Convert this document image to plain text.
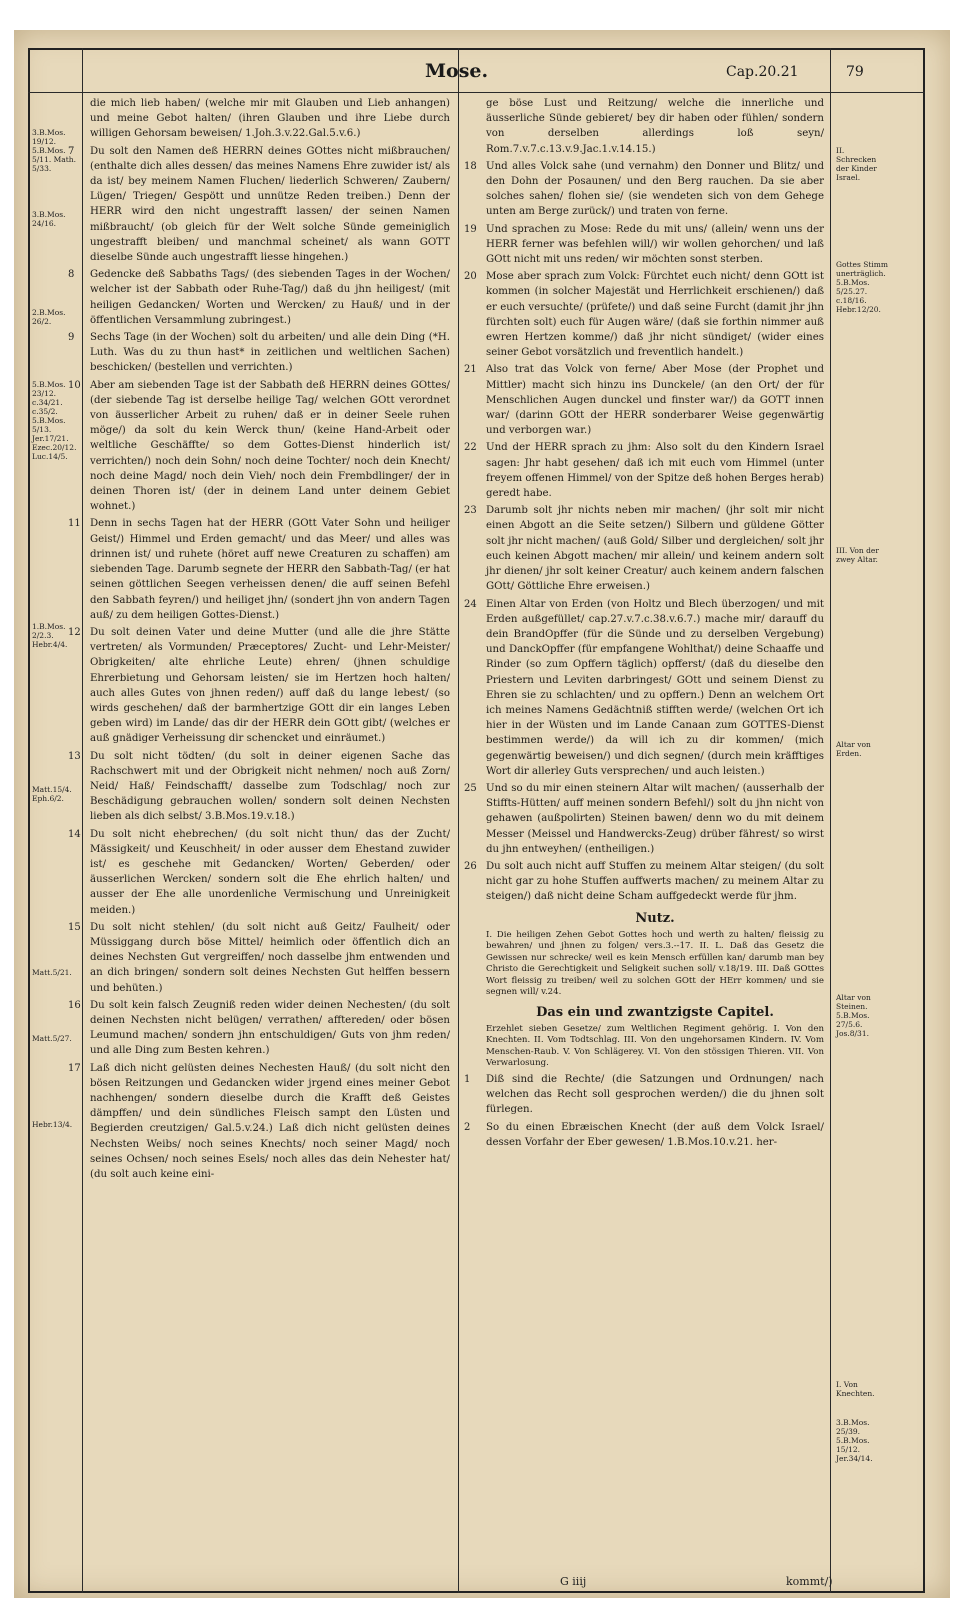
Mose.	Cap.20.21	79
3.B.Mos. 19/12. 5.B.Mos. 5/11. Math. 5/33.
3.B.Mos. 24/16.
2.B.Mos. 26/2.
5.B.Mos. 23/12. c.34/21. c.35/2. 5.B.Mos. 5/13. Jer.17/21. Ezec.20/12. Luc.14/5.
1.B.Mos. 2/2.3. Hebr.4/4.
Matt.15/4. Eph.6/2.
Matt.5/21.
Matt.5/27.
Hebr.13/4.
II. Schrecken der Kinder Israel.
Gottes Stimm unerträglich. 5.B.Mos. 5/25.27. c.18/16. Hebr.12/20.
III. Von der zwey Altar.
Altar von Erden.
Altar von Steinen. 5.B.Mos. 27/5.6. Jos.8/31.
I. Von Knechten.
3.B.Mos. 25/39. 5.B.Mos. 15/12. Jer.34/14.

die mich lieb haben/ (welche mir mit Glauben und Lieb anhangen) und meine Gebot halten/ (ihren Glauben und ihre Liebe durch willigen Gehorsam beweisen/ 1.Joh.3.v.22.Gal.5.v.6.)

7 Du solt den Namen deß HERRN deines GOttes nicht mißbrauchen/ (enthalte dich alles dessen/ das meines Namens Ehre zuwider ist/ als da ist/ bey meinem Namen Fluchen/ liederlich Schweren/ Zaubern/ Lügen/ Triegen/ Gespött und unnütze Reden treiben.) Denn der HERR wird den nicht ungestrafft lassen/ der seinen Namen mißbraucht/ (ob gleich für der Welt solche Sünde gemeiniglich ungestrafft bleiben/ und manchmal scheinet/ als wann GOTT dieselbe Sünde auch ungestrafft liesse hingehen.)

8 Gedencke deß Sabbaths Tags/ (des siebenden Tages in der Wochen/ welcher ist der Sabbath oder Ruhe-Tag/) daß du jhn heiligest/ (mit heiligen Gedancken/ Worten und Wercken/ zu Hauß/ und in der öffentlichen Versammlung zubringest.)

9 Sechs Tage (in der Wochen) solt du arbeiten/ und alle dein Ding (*H. Luth. Was du zu thun hast* in zeitlichen und weltlichen Sachen) beschicken/ (bestellen und verrichten.)

10 Aber am siebenden Tage ist der Sabbath deß HERRN deines GOttes/ (der siebende Tag ist derselbe heilige Tag/ welchen GOtt verordnet von äusserlicher Arbeit zu ruhen/ daß er in deiner Seele ruhen möge/) da solt du kein Werck thun/ (keine Hand-Arbeit oder weltliche Geschäffte/ so dem Gottes-Dienst hinderlich ist/ verrichten/) noch dein Sohn/ noch deine Tochter/ noch dein Knecht/ noch deine Magd/ noch dein Vieh/ noch dein Frembdlinger/ der in deinen Thoren ist/ (der in deinem Land unter deinem Gebiet wohnet.)

11 Denn in sechs Tagen hat der HERR (GOtt Vater Sohn und heiliger Geist/) Himmel und Erden gemacht/ und das Meer/ und alles was drinnen ist/ und ruhete (höret auff newe Creaturen zu schaffen) am siebenden Tage. Darumb segnete der HERR den Sabbath-Tag/ (er hat seinen göttlichen Seegen verheissen denen/ die auff seinen Befehl den Sabbath feyren/) und heiliget jhn/ (sondert jhn von andern Tagen auß/ zu dem heiligen Gottes-Dienst.)

12 Du solt deinen Vater und deine Mutter (und alle die jhre Stätte vertreten/ als Vormunden/ Præceptores/ Zucht- und Lehr-Meister/ Obrigkeiten/ alte ehrliche Leute) ehren/ (jhnen schuldige Ehrerbietung und Gehorsam leisten/ sie im Hertzen hoch halten/ auch alles Gutes von jhnen reden/) auff daß du lange lebest/ (so wirds geschehen/ daß der barmhertzige GOtt dir ein langes Leben geben wird) im Lande/ das dir der HERR dein GOtt gibt/ (welches er auß gnädiger Verheissung dir schencket und einräumet.)

13 Du solt nicht tödten/ (du solt in deiner eigenen Sache das Rachschwert mit und der Obrigkeit nicht nehmen/ noch auß Zorn/ Neid/ Haß/ Feindschafft/ dasselbe zum Todschlag/ noch zur Beschädigung gebrauchen wollen/ sondern solt deinen Nechsten lieben als dich selbst/ 3.B.Mos.19.v.18.)

14 Du solt nicht ehebrechen/ (du solt nicht thun/ das der Zucht/ Mässigkeit/ und Keuschheit/ in oder ausser dem Ehestand zuwider ist/ es geschehe mit Gedancken/ Worten/ Geberden/ oder äusserlichen Wercken/ sondern solt die Ehe ehrlich halten/ und ausser der Ehe alle unordenliche Vermischung und Unreinigkeit meiden.)

15 Du solt nicht stehlen/ (du solt nicht auß Geitz/ Faulheit/ oder Müssiggang durch böse Mittel/ heimlich oder öffentlich dich an deines Nechsten Gut vergreiffen/ noch dasselbe jhm entwenden und an dich bringen/ sondern solt deines Nechsten Gut helffen bessern und behüten.)

16 Du solt kein falsch Zeugniß reden wider deinen Nechesten/ (du solt deinen Nechsten nicht belügen/ verrathen/ afftereden/ oder bösen Leumund machen/ sondern jhn entschuldigen/ Guts von jhm reden/ und alle Ding zum Besten kehren.)

17 Laß dich nicht gelüsten deines Nechesten Hauß/ (du solt nicht den bösen Reitzungen und Gedancken wider jrgend eines meiner Gebot nachhengen/ sondern dieselbe durch die Krafft deß Geistes dämpffen/ und dein sündliches Fleisch sampt den Lüsten und Begierden creutzigen/ Gal.5.v.24.) Laß dich nicht gelüsten deines Nechsten Weibs/ noch seines Knechts/ noch seiner Magd/ noch seines Ochsen/ noch seines Esels/ noch alles das dein Nehester hat/ (du solt auch keine eini-

ge böse Lust und Reitzung/ welche die innerliche und äusserliche Sünde gebieret/ bey dir haben oder fühlen/ sondern von derselben allerdings loß seyn/ Rom.7.v.7.c.13.v.9.Jac.1.v.14.15.)

18 Und alles Volck sahe (und vernahm) den Donner und Blitz/ und den Dohn der Posaunen/ und den Berg rauchen. Da sie aber solches sahen/ flohen sie/ (sie wendeten sich von dem Gehege unten am Berge zurück/) und traten von ferne.

19 Und sprachen zu Mose: Rede du mit uns/ (allein/ wenn uns der HERR ferner was befehlen will/) wir wollen gehorchen/ und laß GOtt nicht mit uns reden/ wir möchten sonst sterben.

20 Mose aber sprach zum Volck: Fürchtet euch nicht/ denn GOtt ist kommen (in solcher Majestät und Herrlichkeit erschienen/) daß er euch versuchte/ (prüfete/) und daß seine Furcht (damit jhr jhn fürchten solt) euch für Augen wäre/ (daß sie forthin nimmer auß ewren Hertzen komme/) daß jhr nicht sündiget/ (wider eines seiner Gebot vorsätzlich und freventlich handelt.)

21 Also trat das Volck von ferne/ Aber Mose (der Prophet und Mittler) macht sich hinzu ins Dunckele/ (an den Ort/ der für Menschlichen Augen dunckel und finster war/) da GOTT innen war/ (darinn GOtt der HERR sonderbarer Weise gegenwärtig und verborgen war.)

22 Und der HERR sprach zu jhm: Also solt du den Kindern Israel sagen: Jhr habt gesehen/ daß ich mit euch vom Himmel (unter freyem offenen Himmel/ von der Spitze deß hohen Berges herab) geredt habe.

23 Darumb solt jhr nichts neben mir machen/ (jhr solt mir nicht einen Abgott an die Seite setzen/) Silbern und güldene Götter solt jhr nicht machen/ (auß Gold/ Silber und dergleichen/ solt jhr euch keinen Abgott machen/ mir allein/ und keinem andern solt jhr dienen/ jhr solt keiner Creatur/ auch keinem andern falschen GOtt/ Göttliche Ehre erweisen.)

24 Einen Altar von Erden (von Holtz und Blech überzogen/ und mit Erden außgefüllet/ cap.27.v.7.c.38.v.6.7.) mache mir/ darauff du dein BrandOpffer (für die Sünde und zu derselben Vergebung) und DanckOpffer (für empfangene Wohlthat/) deine Schaaffe und Rinder (so zum Opffern täglich) opfferst/ (daß du dieselbe den Priestern und Leviten darbringest/ GOtt und seinem Dienst zu Ehren sie zu schlachten/ und zu opffern.) Denn an welchem Ort ich meines Namens Gedächtniß stifften werde/ (welchen Ort ich hier in der Wüsten und im Lande Canaan zum GOTTES-Dienst bestimmen werde/) da will ich zu dir kommen/ (mich gegenwärtig beweisen/) und dich segnen/ (durch mein kräfftiges Wort dir allerley Guts versprechen/ und auch leisten.)

25 Und so du mir einen steinern Altar wilt machen/ (ausserhalb der Stiffts-Hütten/ auff meinen sondern Befehl/) solt du jhn nicht von gehawen (außpolirten) Steinen bawen/ denn wo du mit deinem Messer (Meissel und Handwercks-Zeug) drüber fährest/ so wirst du jhn entweyhen/ (entheiligen.)

26 Du solt auch nicht auff Stuffen zu meinem Altar steigen/ (du solt nicht gar zu hohe Stuffen auffwerts machen/ zu meinem Altar zu steigen/) daß nicht deine Scham auffgedeckt werde für jhm.

Nutz.

I. Die heiligen Zehen Gebot Gottes hoch und werth zu halten/ fleissig zu bewahren/ und jhnen zu folgen/ vers.3.--17. II. L. Daß das Gesetz die Gewissen nur schrecke/ weil es kein Mensch erfüllen kan/ darumb man bey Christo die Gerechtigkeit und Seligkeit suchen soll/ v.18/19. III. Daß GOttes Wort fleissig zu treiben/ weil zu solchen GOtt der HErr kommen/ und sie segnen will/ v.24.

Das ein und zwantzigste Capitel.

Erzehlet sieben Gesetze/ zum Weltlichen Regiment gehörig. I. Von den Knechten. II. Vom Todtschlag. III. Von den ungehorsamen Kindern. IV. Vom Menschen-Raub. V. Von Schlägerey. VI. Von den stössigen Thieren. VII. Von Verwarlosung.

1 Diß sind die Rechte/ (die Satzungen und Ordnungen/ nach welchen das Recht soll gesprochen werden/) die du jhnen solt fürlegen.

2 So du einen Ebræischen Knecht (der auß dem Volck Israel/ dessen Vorfahr der Eber gewesen/ 1.B.Mos.10.v.21. her-

G iiij	kommt/)
